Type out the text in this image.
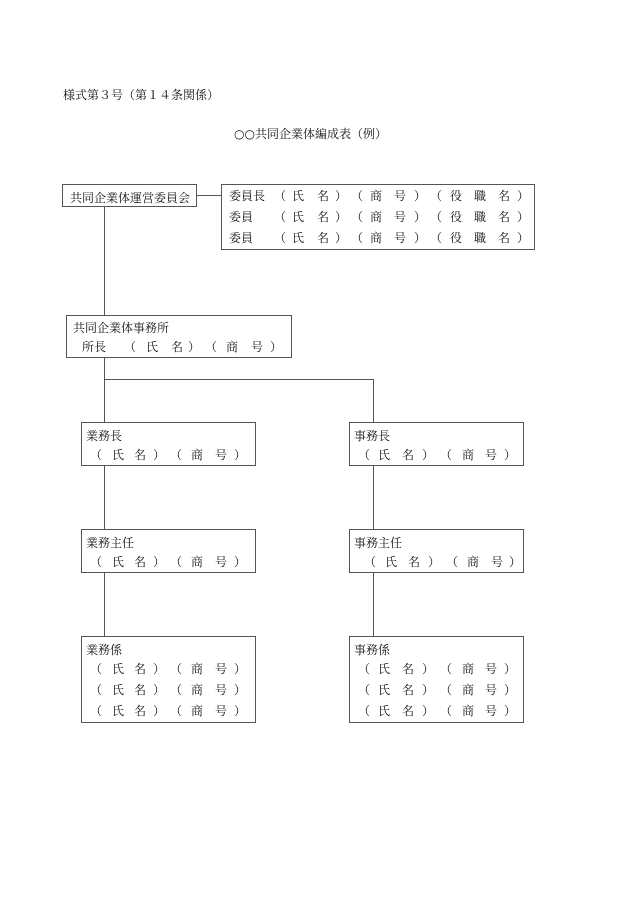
様式第３号（第１４条関係）
○○共同企業体編成表（例）
共同企業体運営委員会	委員長 （ 氏 名 ） （ 商 号 ） （ 役 職 名 ）
委員 （ 氏 名 ） （ 商 号 ） （ 役 職 名 ）
委員 （ 氏 名 ） （ 商 号 ） （ 役 職 名 ）
共同企業体事務所
所長 （ 氏 名 ） （ 商 号 ）
業務長
（ 氏 名 ） （ 商 号 ）
業務主任
（ 氏 名 ） （ 商 号 ）
業務係
（ 氏 名 ） （ 商 号 ）
（ 氏 名 ） （ 商 号 ）
（ 氏 名 ） （ 商 号 ）
事務長
（ 氏 名 ） （ 商 号 ）
事務主任
（ 氏 名 ） （ 商 号 ）
事務係
（ 氏 名 ） （ 商 号 ）
（ 氏 名 ） （ 商 号 ）
（ 氏 名 ） （ 商 号 ）
